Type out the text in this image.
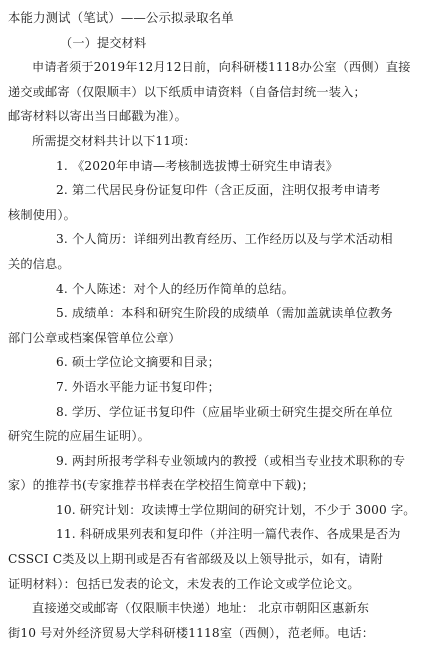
本能力测试（笔试）——公示拟录取名单
（一）提交材料
申请者须于2019年12月12日前，向科研楼1118办公室（西侧）直接
递交或邮寄（仅限顺丰）以下纸质申请资料（自备信封统一装入；
邮寄材料以寄出当日邮戳为准）。
所需提交材料共计以下11项：
1. 《2020年申请—考核制选拔博士研究生申请表》
2. 第二代居民身份证复印件（含正反面，注明仅报考申请考
核制使用）。
3. 个人简历：详细列出教育经历、工作经历以及与学术活动相
关的信息。
4. 个人陈述：对个人的经历作简单的总结。
5. 成绩单：本科和研究生阶段的成绩单（需加盖就读单位教务
部门公章或档案保管单位公章）
6. 硕士学位论文摘要和目录；
7. 外语水平能力证书复印件；
8. 学历、学位证书复印件（应届毕业硕士研究生提交所在单位
研究生院的应届生证明）。
9. 两封所报考学科专业领域内的教授（或相当专业技术职称的专
家）的推荐书(专家推荐书样表在学校招生简章中下载)；
10. 研究计划：攻读博士学位期间的研究计划，不少于 3000 字。
11. 科研成果列表和复印件（并注明一篇代表作、各成果是否为
CSSCI C类及以上期刊或是否有省部级及以上领导批示，如有，请附
证明材料）：包括已发表的论文，未发表的工作论文或学位论文。
直接递交或邮寄（仅限顺丰快递）地址： 北京市朝阳区惠新东
街10 号对外经济贸易大学科研楼1118室（西侧），范老师。电话：
